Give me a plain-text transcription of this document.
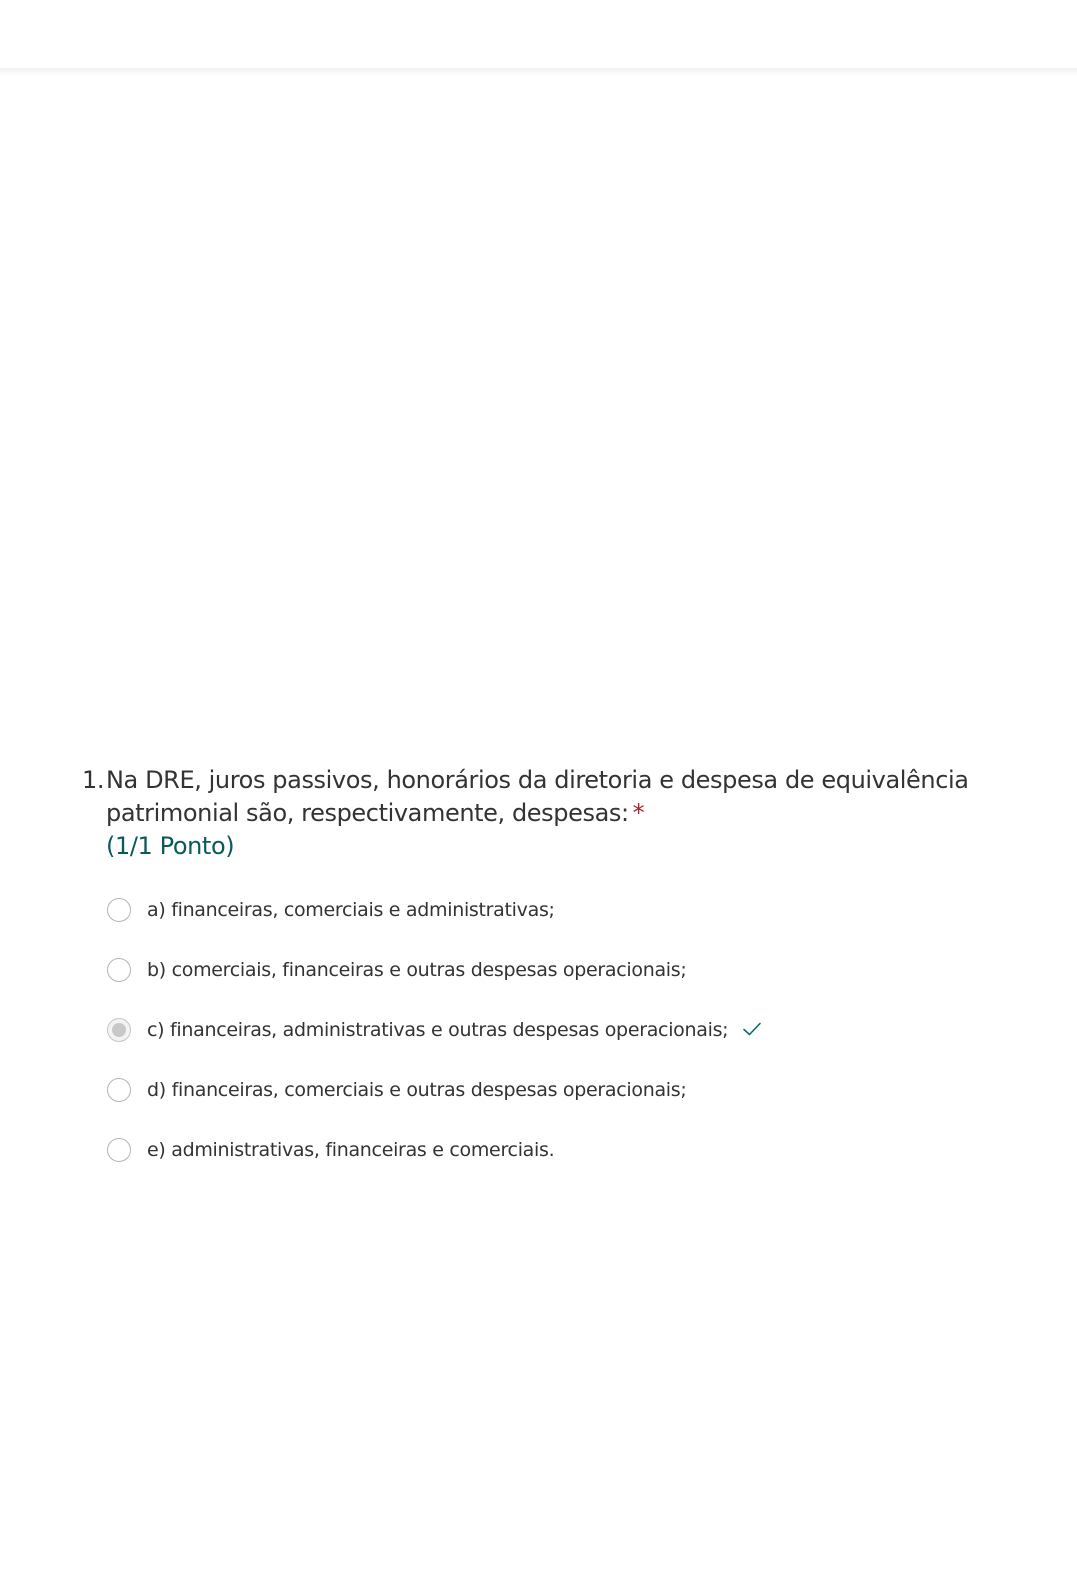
1. Na DRE, juros passivos, honorários da diretoria e despesa de equivalência patrimonial são, respectivamente, despesas: *
(1/1 Ponto)
a) financeiras, comerciais e administrativas;
b) comerciais, financeiras e outras despesas operacionais;
c) financeiras, administrativas e outras despesas operacionais;
d) financeiras, comerciais e outras despesas operacionais;
e) administrativas, financeiras e comerciais.
